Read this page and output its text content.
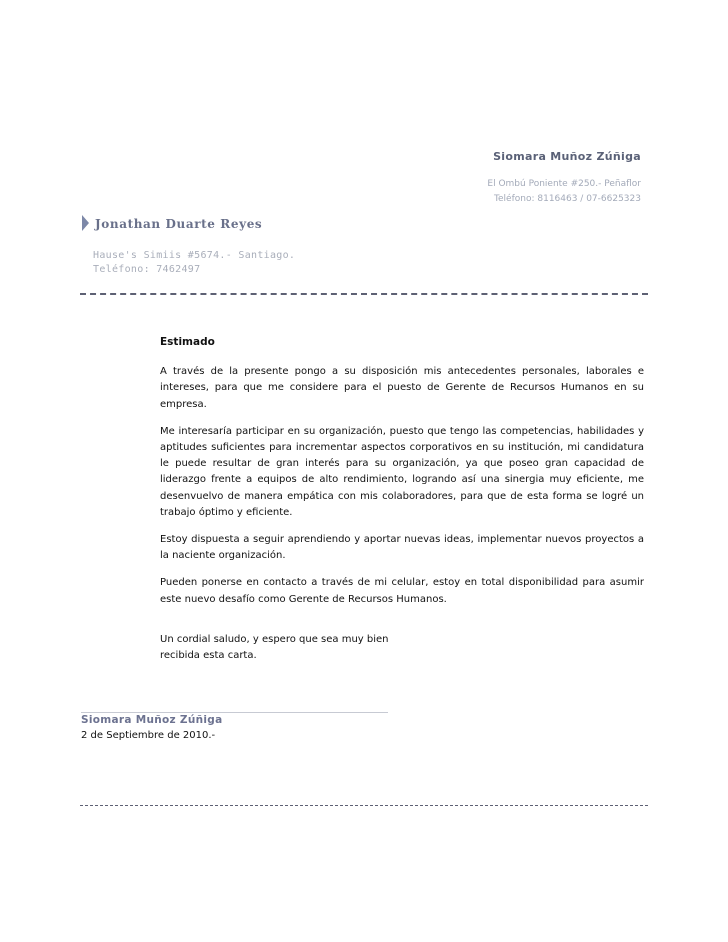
Siomara Muñoz Zúñiga
El Ombú Poniente #250.- Peñaflor
Teléfono: 8116463 / 07-6625323
Jonathan Duarte Reyes
Hause's Simiis #5674.- Santiago.
Teléfono: 7462497

Estimado

A través de la presente pongo a su disposición mis antecedentes personales, laborales e intereses, para que me considere para el puesto de Gerente de Recursos Humanos en su empresa.

Me interesaría participar en su organización, puesto que tengo las competencias, habilidades y aptitudes suficientes para incrementar aspectos corporativos en su institución, mi candidatura le puede resultar de gran interés para su organización, ya que poseo gran capacidad de liderazgo frente a equipos de alto rendimiento, logrando así una sinergia muy eficiente, me desenvuelvo de manera empática con mis colaboradores, para que de esta forma se logré un trabajo óptimo y eficiente.

Estoy dispuesta a seguir aprendiendo y aportar nuevas ideas, implementar nuevos proyectos a la naciente organización.

Pueden ponerse en contacto a través de mi celular, estoy en total disponibilidad para asumir este nuevo desafío como Gerente de Recursos Humanos.

Un cordial saludo, y espero que sea muy bien recibida esta carta.

Siomara Muñoz Zúñiga
2 de Septiembre de 2010.-
